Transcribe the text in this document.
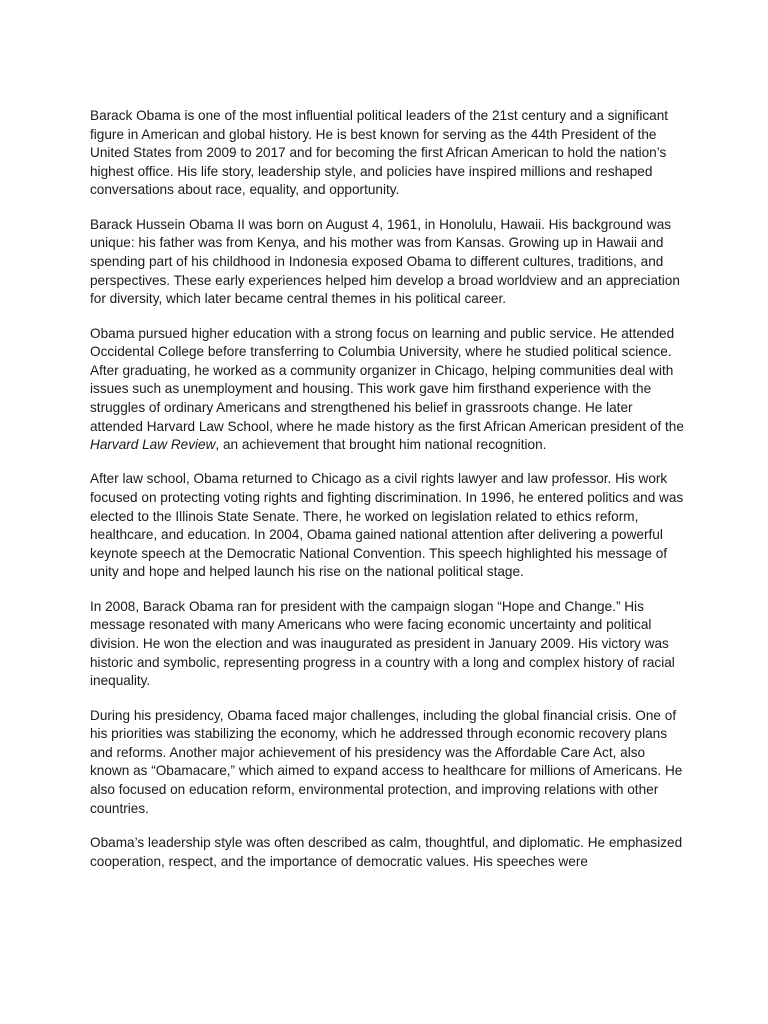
Barack Obama is one of the most influential political leaders of the 21st century and a significant figure in American and global history. He is best known for serving as the 44th President of the United States from 2009 to 2017 and for becoming the first African American to hold the nation’s highest office. His life story, leadership style, and policies have inspired millions and reshaped conversations about race, equality, and opportunity.

Barack Hussein Obama II was born on August 4, 1961, in Honolulu, Hawaii. His background was unique: his father was from Kenya, and his mother was from Kansas. Growing up in Hawaii and spending part of his childhood in Indonesia exposed Obama to different cultures, traditions, and perspectives. These early experiences helped him develop a broad worldview and an appreciation for diversity, which later became central themes in his political career.

Obama pursued higher education with a strong focus on learning and public service. He attended Occidental College before transferring to Columbia University, where he studied political science. After graduating, he worked as a community organizer in Chicago, helping communities deal with issues such as unemployment and housing. This work gave him firsthand experience with the struggles of ordinary Americans and strengthened his belief in grassroots change. He later attended Harvard Law School, where he made history as the first African American president of the Harvard Law Review, an achievement that brought him national recognition.

After law school, Obama returned to Chicago as a civil rights lawyer and law professor. His work focused on protecting voting rights and fighting discrimination. In 1996, he entered politics and was elected to the Illinois State Senate. There, he worked on legislation related to ethics reform, healthcare, and education. In 2004, Obama gained national attention after delivering a powerful keynote speech at the Democratic National Convention. This speech highlighted his message of unity and hope and helped launch his rise on the national political stage.

In 2008, Barack Obama ran for president with the campaign slogan “Hope and Change.” His message resonated with many Americans who were facing economic uncertainty and political division. He won the election and was inaugurated as president in January 2009. His victory was historic and symbolic, representing progress in a country with a long and complex history of racial inequality.

During his presidency, Obama faced major challenges, including the global financial crisis. One of his priorities was stabilizing the economy, which he addressed through economic recovery plans and reforms. Another major achievement of his presidency was the Affordable Care Act, also known as “Obamacare,” which aimed to expand access to healthcare for millions of Americans. He also focused on education reform, environmental protection, and improving relations with other countries.

Obama’s leadership style was often described as calm, thoughtful, and diplomatic. He emphasized cooperation, respect, and the importance of democratic values. His speeches were
